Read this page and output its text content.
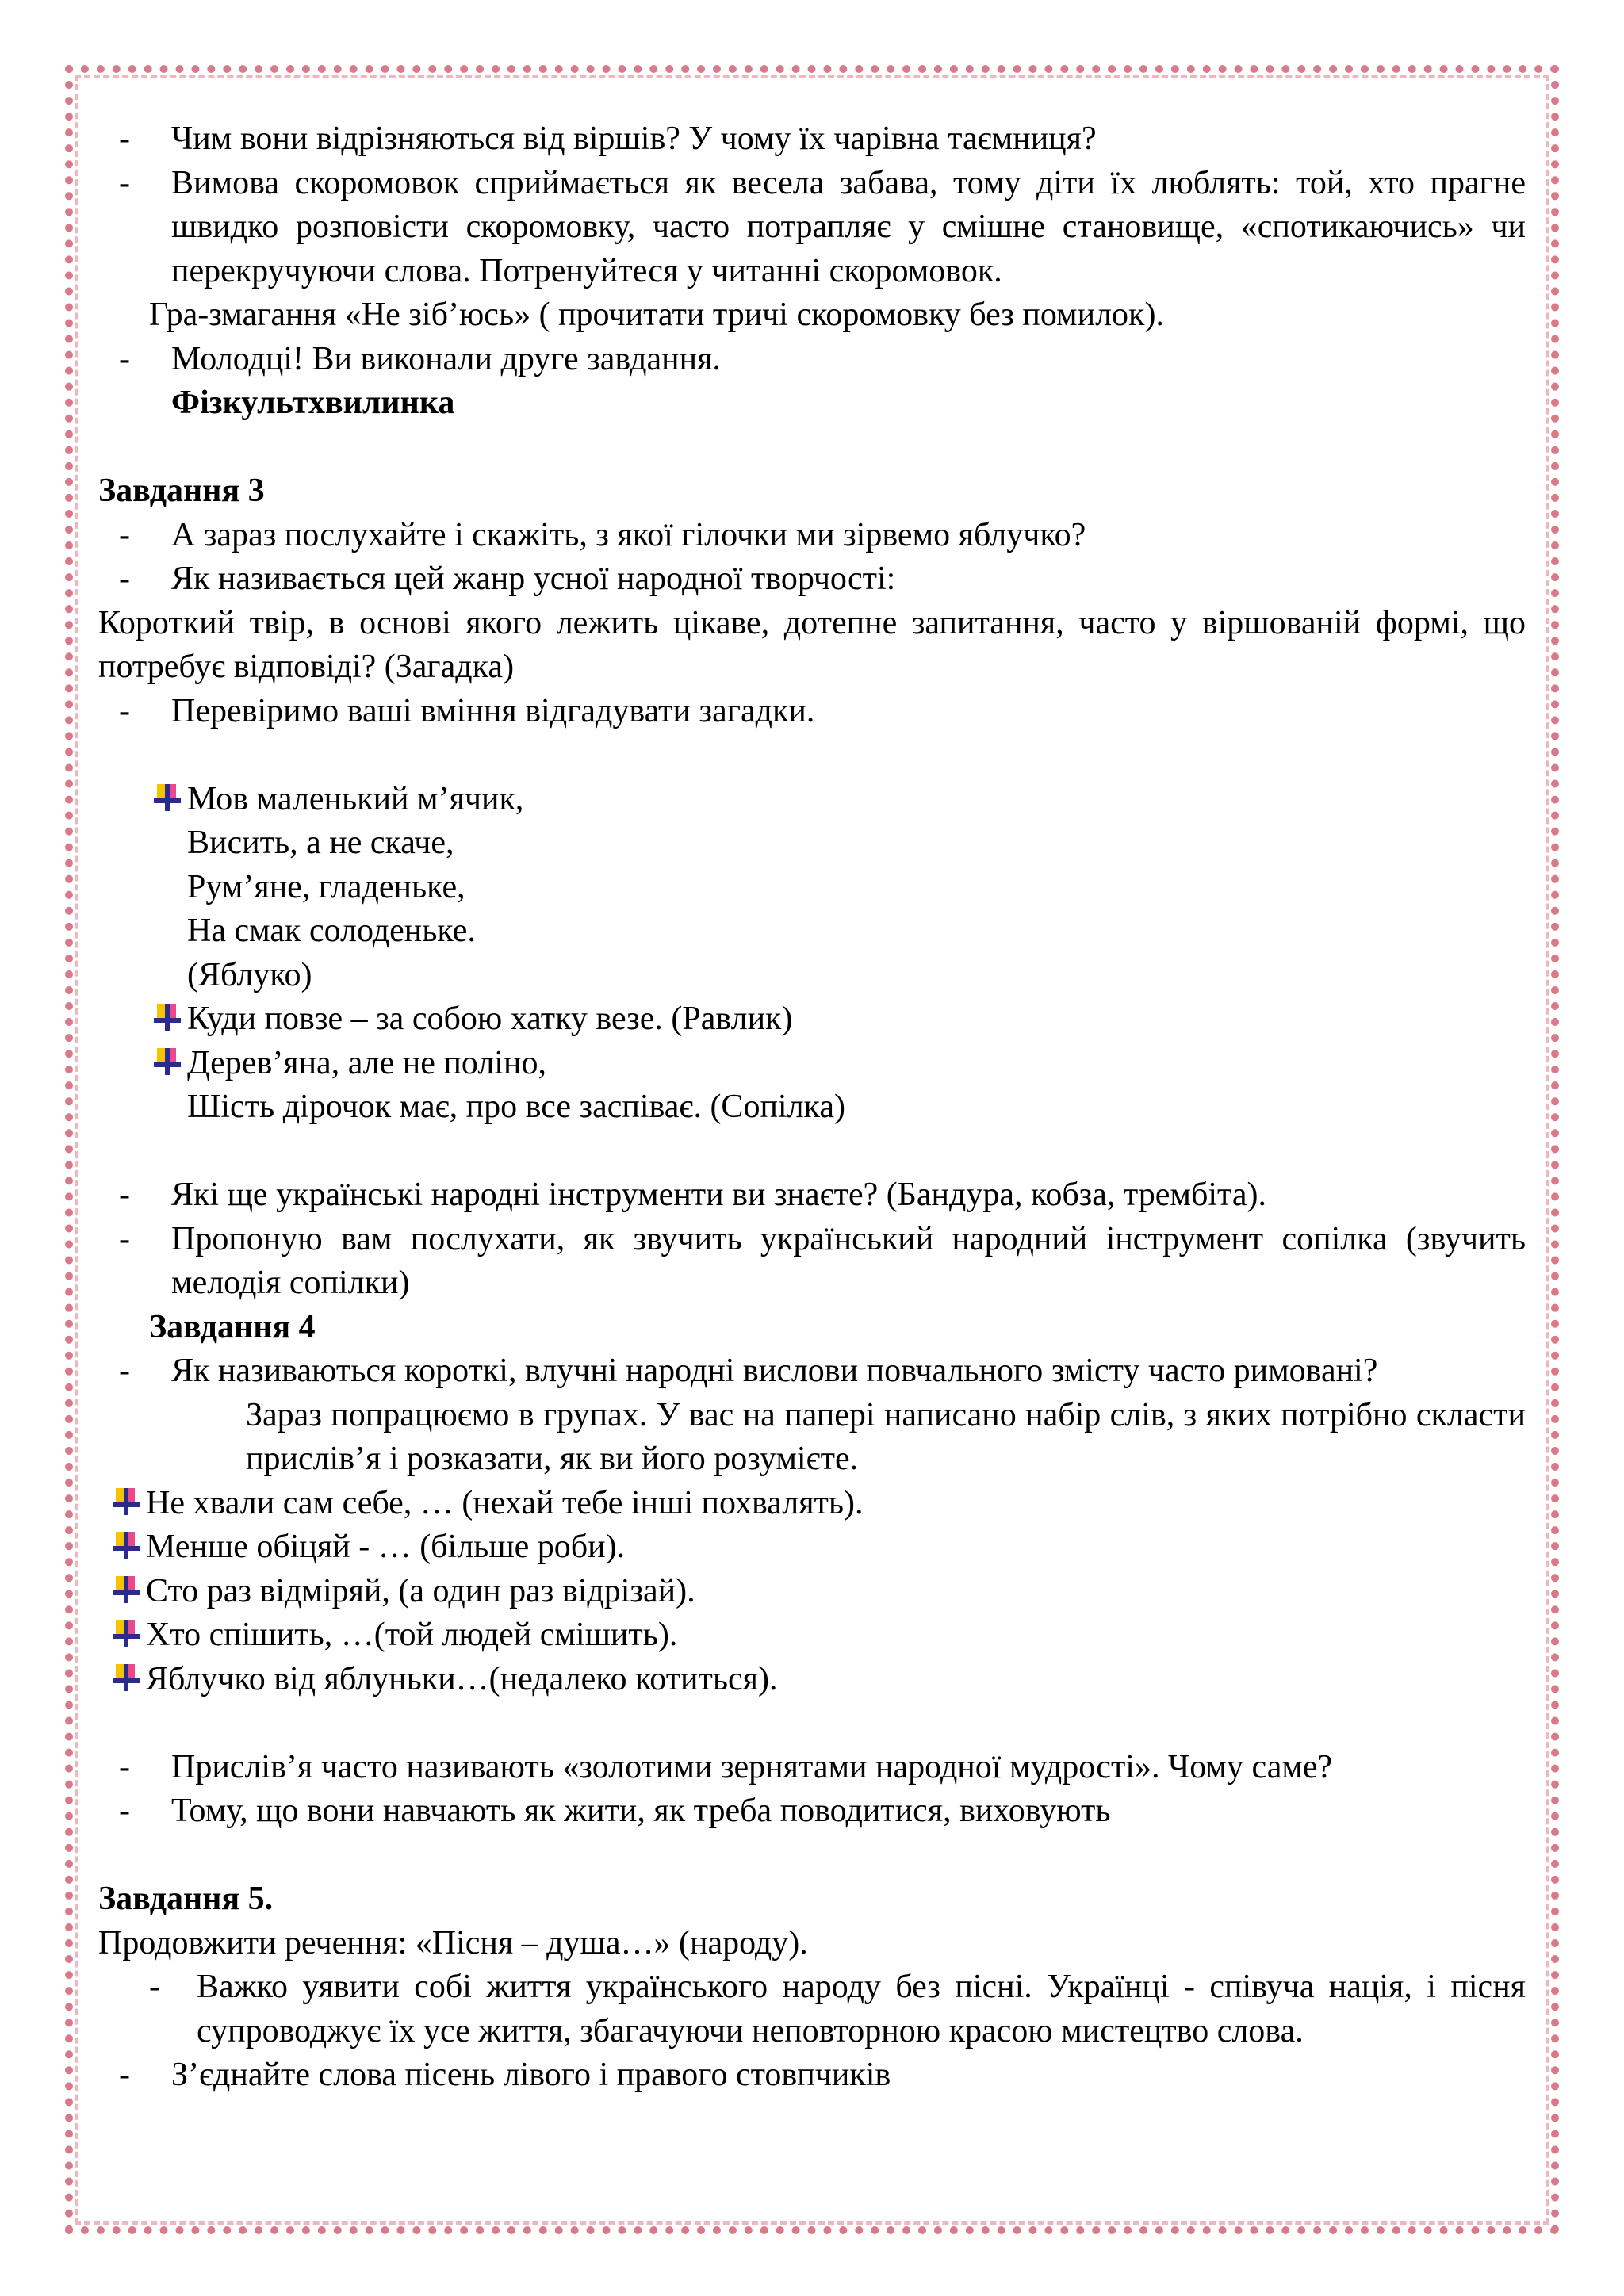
-	Чим вони відрізняються від віршів? У чому їх чарівна таємниця?
-	Вимова скоромовок сприймається як весела забава, тому діти їх люблять: той, хто прагне швидко розповісти скоромовку, часто потрапляє у смішне становище, «спотикаючись» чи перекручуючи слова. Потренуйтеся у читанні скоромовок.
Гра-змагання «Не зіб’юсь» ( прочитати тричі скоромовку без помилок).
-	Молодці! Ви виконали друге завдання.
Фізкультхвилинка
Завдання 3
-	А зараз послухайте і скажіть, з якої гілочки ми зірвемо яблучко?
-	Як називається цей жанр усної народної творчості:
Короткий твір, в основі якого лежить цікаве, дотепне запитання, часто у віршованій формі, що потребує відповіді? (Загадка)
-	Перевіримо ваші вміння відгадувати загадки.
Мов маленький м’ячик,
Висить, а не скаче,
Рум’яне, гладеньке,
На смак солоденьке.
(Яблуко)
Куди повзе – за собою хатку везе. (Равлик)
Дерев’яна, але не поліно,
Шість дірочок має, про все заспіває. (Сопілка)
-	Які ще українські народні інструменти ви знаєте? (Бандура, кобза, трембіта).
-	Пропоную вам послухати, як звучить український народний інструмент сопілка (звучить мелодія сопілки)
Завдання 4
-	Як називаються короткі, влучні народні вислови повчального змісту часто римовані?
Зараз попрацюємо в групах. У вас на папері написано набір слів, з яких потрібно скласти прислів’я і розказати, як ви його розумієте.
Не хвали сам себе, … (нехай тебе інші похвалять).
Менше обіцяй - … (більше роби).
Сто раз відміряй, (а один раз відрізай).
Хто спішить, …(той людей смішить).
Яблучко від яблуньки…(недалеко котиться).
-	Прислів’я часто називають «золотими зернятами народної мудрості». Чому саме?
-	Тому, що вони навчають як жити, як треба поводитися, виховують
Завдання 5.
Продовжити речення: «Пісня – душа…» (народу).
-	Важко уявити собі життя українського народу без пісні. Українці - співуча нація, і пісня супроводжує їх усе життя, збагачуючи неповторною красою мистецтво слова.
-	З’єднайте слова пісень лівого і правого стовпчиків
